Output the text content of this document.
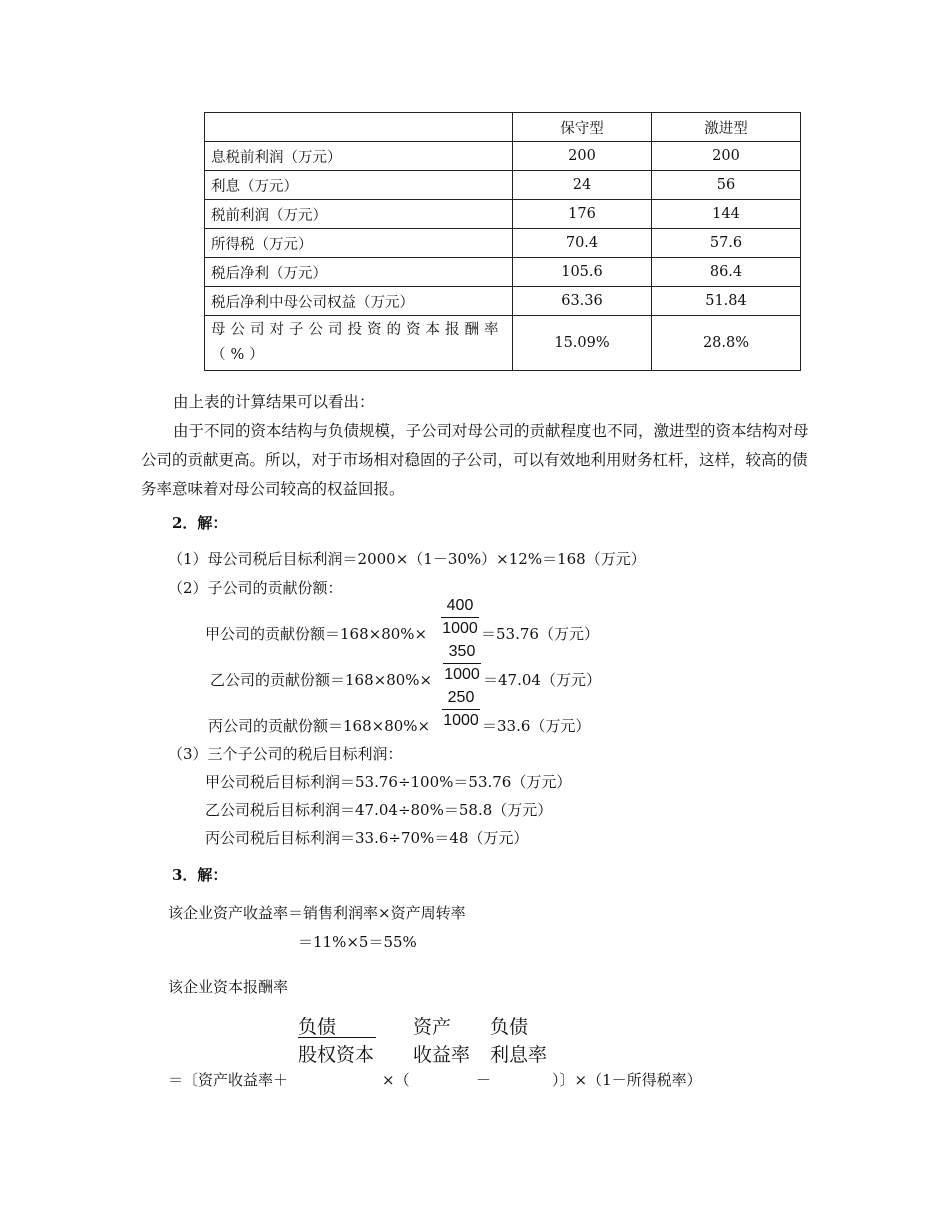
	保守型	激进型
息税前利润（万元）	200	200
利息（万元）	24	56
税前利润（万元）	176	144
所得税（万元）	70.4	57.6
税后净利（万元）	105.6	86.4
税后净利中母公司权益（万元）	63.36	51.84

母公司对子公司投资的资本报酬率（%）	15.09%	28.8%

由上表的计算结果可以看出：

由于不同的资本结构与负债规模，子公司对母公司的贡献程度也不同，激进型的资本结构对母公司的贡献更高。所以，对于市场相对稳固的子公司，可以有效地利用财务杠杆，这样，较高的债务率意味着对母公司较高的权益回报。

2．解：
（1）母公司税后目标利润＝2000×（1－30%）×12%＝168（万元）
（2）子公司的贡献份额：
甲公司的贡献份额$=168\times 80\%\times \frac{400}{1000} =53.76$（万元）
乙公司的贡献份额$=168\times 80\%\times \frac{350}{1000} =47.04$（万元）
丙公司的贡献份额$=168\times 80\%\times \frac{250}{1000} =33.6$（万元）
（3）三个子公司的税后目标利润：
甲公司税后目标利润＝53.76÷100%＝53.76（万元）
乙公司税后目标利润＝47.04÷80%＝58.8（万元）
丙公司税后目标利润＝33.6÷70%＝48（万元）
3．解：
该企业资产收益率＝销售利润率×资产周转率
＝11%×5＝55%
该企业资本报酬率
负债
股权资本
资产
收益率
负债
利息率
＝〔资产收益率＋	×（	－	）〕×（1－所得税率）
